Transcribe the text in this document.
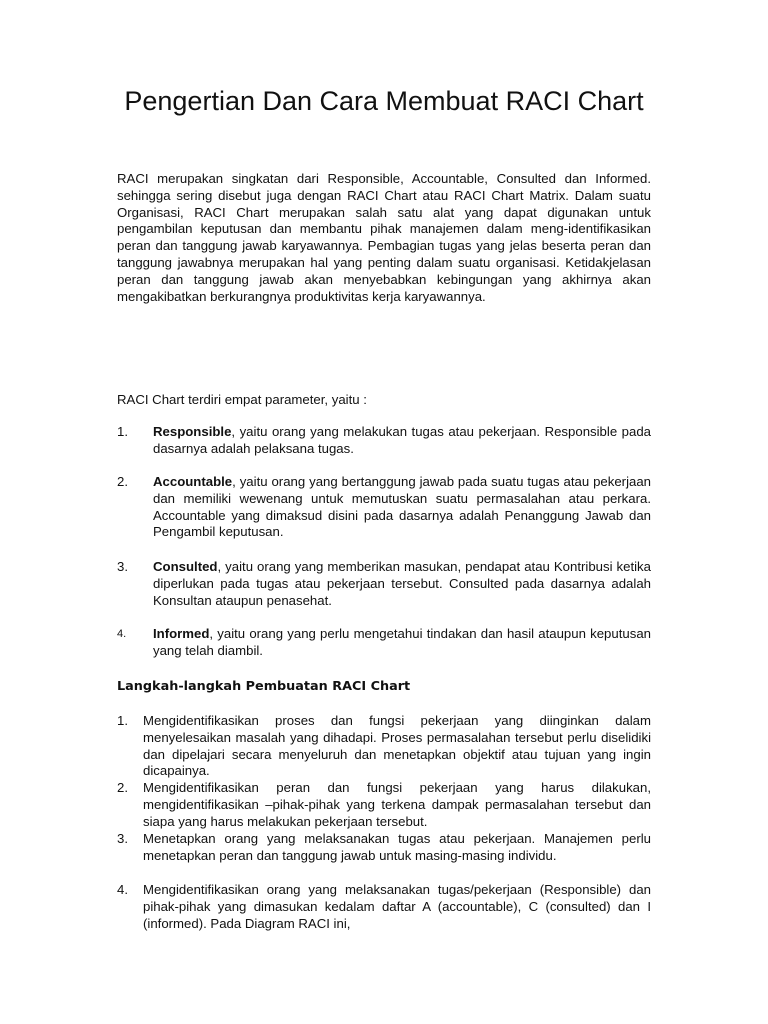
Pengertian Dan Cara Membuat RACI Chart

RACI merupakan singkatan dari Responsible, Accountable, Consulted dan Informed. sehingga sering disebut juga dengan RACI Chart atau RACI Chart Matrix. Dalam suatu Organisasi, RACI Chart merupakan salah satu alat yang dapat digunakan untuk pengambilan keputusan dan membantu pihak manajemen dalam meng-identifikasikan peran dan tanggung jawab karyawannya. Pembagian tugas yang jelas beserta peran dan tanggung jawabnya merupakan hal yang penting dalam suatu organisasi. Ketidakjelasan peran dan tanggung jawab akan menyebabkan kebingungan yang akhirnya akan mengakibatkan berkurangnya produktivitas kerja karyawannya.

RACI Chart terdiri empat parameter, yaitu :
1.	Responsible, yaitu orang yang melakukan tugas atau pekerjaan. Responsible pada dasarnya adalah pelaksana tugas.
2.	Accountable, yaitu orang yang bertanggung jawab pada suatu tugas atau pekerjaan dan memiliki wewenang untuk memutuskan suatu permasalahan atau perkara. Accountable yang dimaksud disini pada dasarnya adalah Penanggung Jawab dan Pengambil keputusan.
3.	Consulted, yaitu orang yang memberikan masukan, pendapat atau Kontribusi ketika diperlukan pada tugas atau pekerjaan tersebut. Consulted pada dasarnya adalah Konsultan ataupun penasehat.
4.	Informed, yaitu orang yang perlu mengetahui tindakan dan hasil ataupun keputusan yang telah diambil.
Langkah-langkah Pembuatan RACI Chart
1.	Mengidentifikasikan proses dan fungsi pekerjaan yang diinginkan dalam menyelesaikan masalah yang dihadapi. Proses permasalahan tersebut perlu diselidiki dan dipelajari secara menyeluruh dan menetapkan objektif atau tujuan yang ingin dicapainya.
2.	Mengidentifikasikan peran dan fungsi pekerjaan yang harus dilakukan, mengidentifikasikan –pihak-pihak yang terkena dampak permasalahan tersebut dan siapa yang harus melakukan pekerjaan tersebut.
3.	Menetapkan orang yang melaksanakan tugas atau pekerjaan. Manajemen perlu menetapkan peran dan tanggung jawab untuk masing-masing individu.
4.	Mengidentifikasikan orang yang melaksanakan tugas/pekerjaan (Responsible) dan pihak-pihak yang dimasukan kedalam daftar A (accountable), C (consulted) dan I (informed). Pada Diagram RACI ini,
